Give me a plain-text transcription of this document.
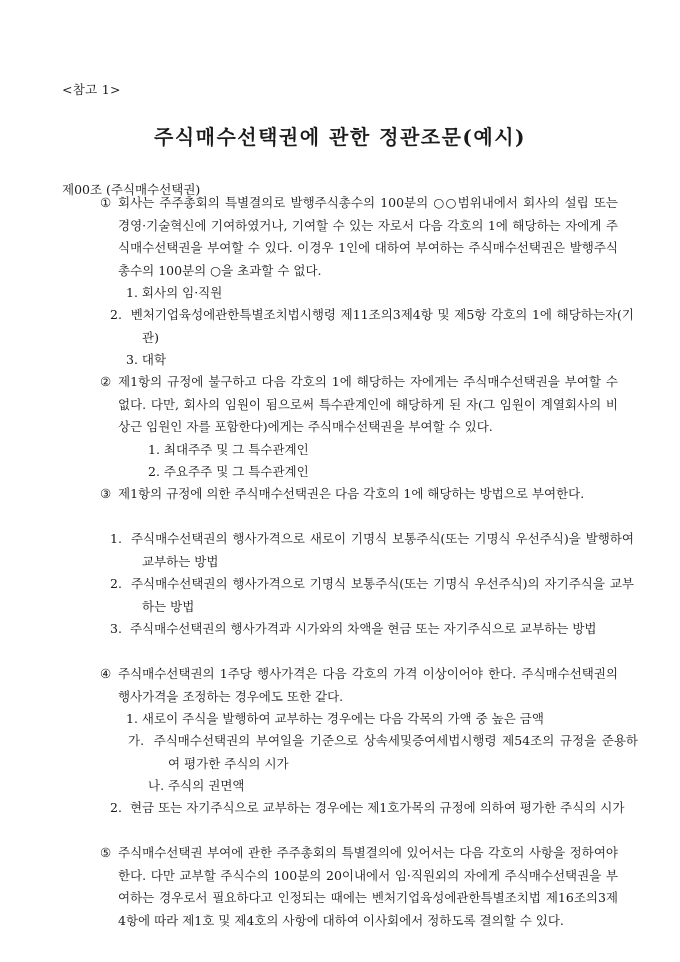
<참고 1>
주식매수선택권에 관한 정관조문(예시)
제00조 (주식매수선택권)

① 회사는 주주총회의 특별결의로 발행주식총수의 100분의 ○○범위내에서 회사의 설립 또는 경영·기술혁신에 기여하였거나, 기여할 수 있는 자로서 다음 각호의 1에 해당하는 자에게 주식매수선택권을 부여할 수 있다. 이경우 1인에 대하여 부여하는 주식매수선택권은 발행주식 총수의 100분의 ○을 초과할 수 없다.

1. 회사의 임·직원

2. 벤처기업육성에관한특별조치법시행령 제11조의3제4항 및 제5항 각호의 1에 해당하는자(기관)

3. 대학

② 제1항의 규정에 불구하고 다음 각호의 1에 해당하는 자에게는 주식매수선택권을 부여할 수 없다. 다만, 회사의 임원이 됨으로써 특수관계인에 해당하게 된 자(그 임원이 계열회사의 비상근 임원인 자를 포함한다)에게는 주식매수선택권을 부여할 수 있다.

1. 최대주주 및 그 특수관계인

2. 주요주주 및 그 특수관계인

③ 제1항의 규정에 의한 주식매수선택권은 다음 각호의 1에 해당하는 방법으로 부여한다.

1. 주식매수선택권의 행사가격으로 새로이 기명식 보통주식(또는 기명식 우선주식)을 발행하여 교부하는 방법

2. 주식매수선택권의 행사가격으로 기명식 보통주식(또는 기명식 우선주식)의 자기주식을 교부하는 방법

3. 주식매수선택권의 행사가격과 시가와의 차액을 현금 또는 자기주식으로 교부하는 방법

④ 주식매수선택권의 1주당 행사가격은 다음 각호의 가격 이상이어야 한다. 주식매수선택권의 행사가격을 조정하는 경우에도 또한 같다.

1. 새로이 주식을 발행하여 교부하는 경우에는 다음 각목의 가액 중 높은 금액

가. 주식매수선택권의 부여일을 기준으로 상속세및증여세법시행령 제54조의 규정을 준용하여 평가한 주식의 시가

나. 주식의 권면액

2. 현금 또는 자기주식으로 교부하는 경우에는 제1호가목의 규정에 의하여 평가한 주식의 시가

⑤ 주식매수선택권 부여에 관한 주주총회의 특별결의에 있어서는 다음 각호의 사항을 정하여야 한다. 다만 교부할 주식수의 100분의 20이내에서 임·직원외의 자에게 주식매수선택권을 부여하는 경우로서 필요하다고 인정되는 때에는 벤처기업육성에관한특별조치법 제16조의3제4항에 따라 제1호 및 제4호의 사항에 대하여 이사회에서 정하도록 결의할 수 있다.
